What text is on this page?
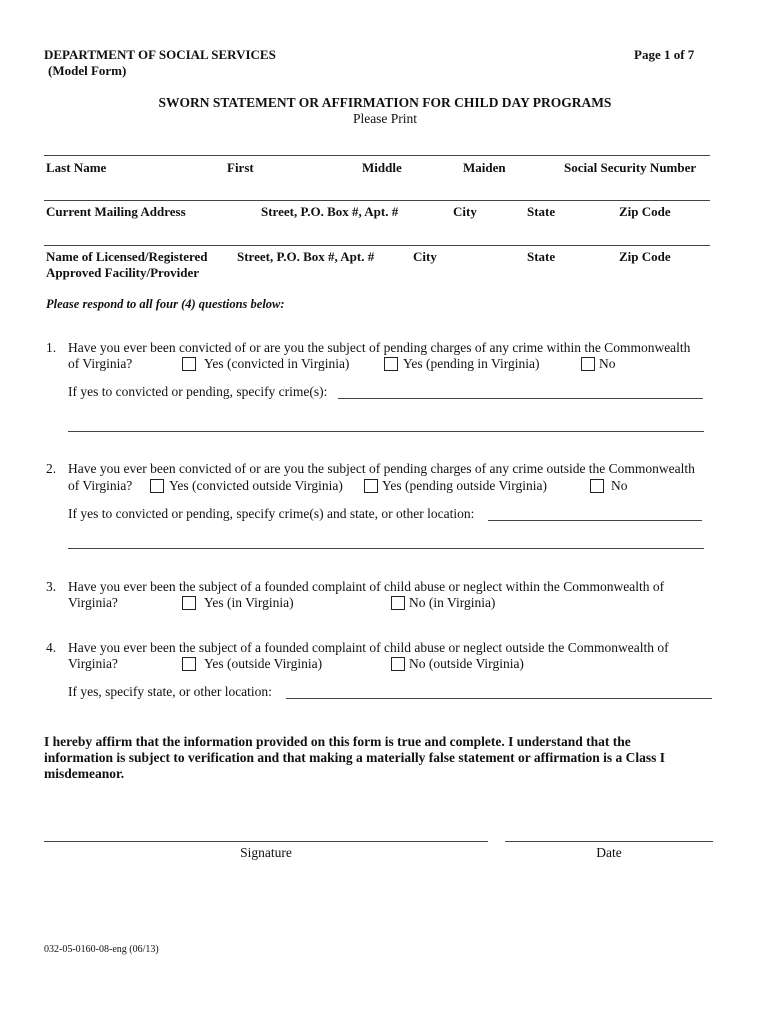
DEPARTMENT OF SOCIAL SERVICES
(Model Form)
Page 1 of 7
SWORN STATEMENT OR AFFIRMATION FOR CHILD DAY PROGRAMS
Please Print
Last Name	First	Middle	Maiden	Social Security Number
Current Mailing Address	Street, P.O. Box #, Apt. #	City	State	Zip Code
Name of Licensed/Registered
Approved Facility/Provider
Street, P.O. Box #, Apt. #	City	State	Zip Code
Please respond to all four (4) questions below:
1. Have you ever been convicted of or are you the subject of pending charges of any crime within the Commonwealth
of Virginia?	Yes (convicted in Virginia)	Yes (pending in Virginia)	No
If yes to convicted or pending, specify crime(s):
2. Have you ever been convicted of or are you the subject of pending charges of any crime outside the Commonwealth
of Virginia?	Yes (convicted outside Virginia)	Yes (pending outside Virginia)	No
If yes to convicted or pending, specify crime(s) and state, or other location:
3. Have you ever been the subject of a founded complaint of child abuse or neglect within the Commonwealth of
Virginia?	Yes (in Virginia)	No (in Virginia)
4. Have you ever been the subject of a founded complaint of child abuse or neglect outside the Commonwealth of
Virginia?	Yes (outside Virginia)	No (outside Virginia)
If yes, specify state, or other location:
I hereby affirm that the information provided on this form is true and complete. I understand that the
information is subject to verification and that making a materially false statement or affirmation is a Class I
misdemeanor.
Signature	Date
032-05-0160-08-eng (06/13)
